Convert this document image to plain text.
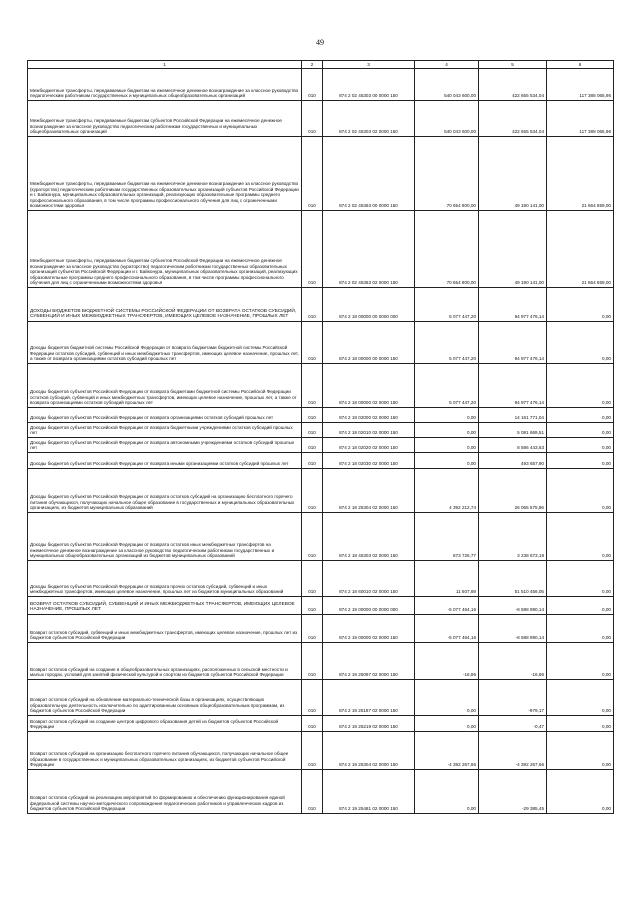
49
1	2	3	4	5	6
Межбюджетные трансферты, передаваемые бюджетам на ежемесячное денежное вознаграждение за классное руководство педагогическим работникам государственных и муниципальных общеобразовательных организаций	010	874 2 02 45303 00 0000 150	540 043 600,00	422 655 534,04	117 388 065,96
Межбюджетные трансферты, передаваемые бюджетам субъектов Российской Федерации на ежемесячное денежное вознаграждение за классное руководство педагогическим работникам государственных и муниципальных общеобразовательных организаций	010	874 2 02 45303 02 0000 150	540 043 600,00	422 655 534,04	117 388 065,96
Межбюджетные трансферты, передаваемые бюджетам на ежемесячное денежное вознаграждение за классное руководство (кураторство) педагогическим работникам государственных образовательных организаций субъектов Российской Федерации и г. Байконура, муниципальных образовательных организаций, реализующих образовательные программы среднего профессионального образования, в том числе программы профессионального обучения для лиц с ограниченными возможностями здоровья	010	874 2 02 45363 00 0000 150	70 654 800,00	49 190 141,00	21 664 659,00
Межбюджетные трансферты, передаваемые бюджетам субъектов Российской Федерации на ежемесячное денежное вознаграждение за классное руководство (кураторство) педагогическим работникам государственных образовательных организаций субъектов Российской Федерации и г. Байконура, муниципальных образовательных организаций, реализующих образовательные программы среднего профессионального образования, в том числе программы профессионального обучения для лиц с ограниченными возможностями здоровья	010	874 2 02 45363 02 0000 150	70 654 800,00	49 190 141,00	21 664 659,00
ДОХОДЫ БЮДЖЕТОВ БЮДЖЕТНОЙ СИСТЕМЫ РОССИЙСКОЙ ФЕДЕРАЦИИ ОТ ВОЗВРАТА ОСТАТКОВ СУБСИДИЙ, СУБВЕНЦИЙ И ИНЫХ МЕЖБЮДЖЕТНЫХ ТРАНСФЕРТОВ, ИМЕЮЩИХ ЦЕЛЕВОЕ НАЗНАЧЕНИЕ, ПРОШЛЫХ ЛЕТ	010	874 2 18 00000 00 0000 000	5 077 447,20	94 977 476,14	0,00
Доходы бюджетов бюджетной системы Российской Федерации от возврата бюджетами бюджетной системы Российской Федерации остатков субсидий, субвенций и иных межбюджетных трансфертов, имеющих целевое назначение, прошлых лет, а также от возврата организациями остатков субсидий прошлых лет	010	874 2 18 00000 00 0000 150	5 077 447,20	94 977 476,14	0,00
Доходы бюджетов субъектов Российской Федерации от возврата бюджетами бюджетной системы Российской Федерации остатков субсидий, субвенций и иных межбюджетных трансфертов, имеющих целевое назначение, прошлых лет, а также от возврата организациями остатков субсидий прошлых лет	010	874 2 18 00000 02 0000 150	5 077 447,20	94 977 476,14	0,00
Доходы бюджетов субъектов Российской Федерации от возврата организациями остатков субсидий прошлых лет	010	874 2 18 02000 02 0000 150	0,00	14 161 771,04	0,00
Доходы бюджетов субъектов Российской Федерации от возврата бюджетными учреждениями остатков субсидий прошлых лет	010	874 2 18 02010 02 0000 150	0,00	5 081 669,51	0,00
Доходы бюджетов субъектов Российской Федерации от возврата автономными учреждениями остатков субсидий прошлых лет	010	874 2 18 02020 02 0000 150	0,00	8 586 443,63	0,00
Доходы бюджетов субъектов Российской Федерации от возврата иными организациями остатков субсидий прошлых лет	010	874 2 18 02030 02 0000 150	0,00	493 657,90	0,00
Доходы бюджетов субъектов Российской Федерации от возврата остатков субсидий на организацию бесплатного горячего питания обучающихся, получающих начальное общее образование в государственных и муниципальных образовательных организациях, из бюджетов муниципальных образований	010	874 2 18 25304 02 0000 150	4 392 212,74	26 065 575,86	0,00
Доходы бюджетов субъектов Российской Федерации от возврата остатков иных межбюджетных трансфертов на ежемесячное денежное вознаграждение за классное руководство педагогическим работникам государственных и муниципальных общеобразовательных организаций из бюджетов муниципальных образований	010	874 2 18 45303 02 0000 150	673 726,77	3 238 673,19	0,00
Доходы бюджетов субъектов Российской Федерации от возврата прочих остатков субсидий, субвенций и иных межбюджетных трансфертов, имеющих целевое назначение, прошлых лет из бюджетов муниципальных образований	010	874 2 18 60010 02 0000 150	11 507,69	51 510 456,05	0,00
ВОЗВРАТ ОСТАТКОВ СУБСИДИЙ, СУБВЕНЦИЙ И ИНЫХ МЕЖБЮДЖЕТНЫХ ТРАНСФЕРТОВ, ИМЕЮЩИХ ЦЕЛЕВОЕ НАЗНАЧЕНИЕ, ПРОШЛЫХ ЛЕТ	010	874 2 19 00000 00 0000 000	-5 077 464,16	-8 588 890,14	0,00
Возврат остатков субсидий, субвенций и иных межбюджетных трансфертов, имеющих целевое назначение, прошлых лет из бюджетов субъектов Российской Федерации	010	874 2 19 00000 02 0000 150	-5 077 464,16	-8 588 890,14	0,00
Возврат остатков субсидий на создание в общеобразовательных организациях, расположенных в сельской местности и малых городах, условий для занятий физической культурой и спортом из бюджетов субъектов Российской Федерации	010	874 2 19 25097 02 0000 150	-16,96	-16,96	0,00
Возврат остатков субсидий на обновление материально-технической базы в организациях, осуществляющих образовательную деятельность исключительно по адаптированным основным общеобразовательным программам, из бюджетов субъектов Российской Федерации	010	874 2 19 25187 02 0000 150	0,00	-979,17	0,00
Возврат остатков субсидий на создание центров цифрового образования детей из бюджетов субъектов Российской Федерации	010	874 2 19 25219 02 0000 150	0,00	-0,47	0,00
Возврат остатков субсидий на организацию бесплатного горячего питания обучающихся, получающих начальное общее образование в государственных и муниципальных образовательных организациях, из бюджетов субъектов Российской Федерации	010	874 2 19 25304 02 0000 150	-4 392 267,66	-4 392 267,66	0,00
Возврат остатков субсидий на реализацию мероприятий по формированию и обеспечению функционирования единой федеральной системы научно-методического сопровождения педагогических работников и управленческих кадров из бюджетов субъектов Российской Федерации	010	874 2 19 25481 02 0000 150	0,00	-29 385,45	0,00
